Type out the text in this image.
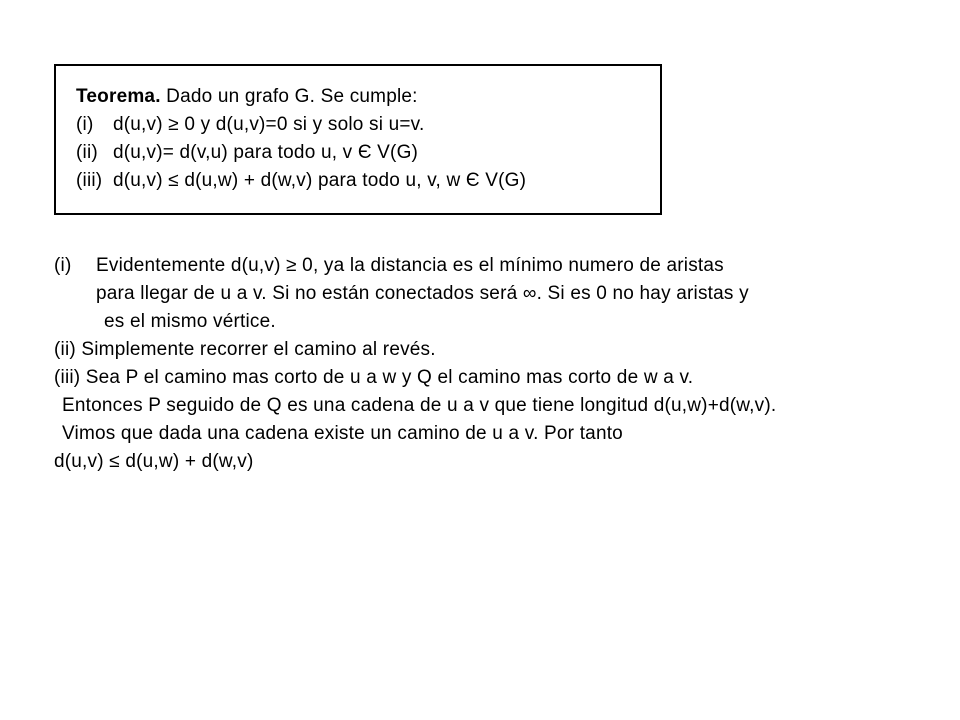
Teorema. Dado un grafo G. Se cumple:
(i) d(u,v) ≥ 0 y d(u,v)=0 si y solo si u=v.
(ii) d(u,v)= d(v,u) para todo u, v Є V(G)
(iii) d(u,v) ≤ d(u,w) + d(w,v) para todo u, v, w Є V(G)
(i) Evidentemente d(u,v) ≥ 0, ya la distancia es el mínimo numero de aristas
para llegar de u a v. Si no están conectados será ∞. Si es 0 no hay aristas y
es el mismo vértice.
(ii) Simplemente recorrer el camino al revés.
(iii) Sea P el camino mas corto de u a w y Q el camino mas corto de w a v.
Entonces P seguido de Q es una cadena de u a v que tiene longitud d(u,w)+d(w,v).
Vimos que dada una cadena existe un camino de u a v. Por tanto
d(u,v) ≤ d(u,w) + d(w,v)
